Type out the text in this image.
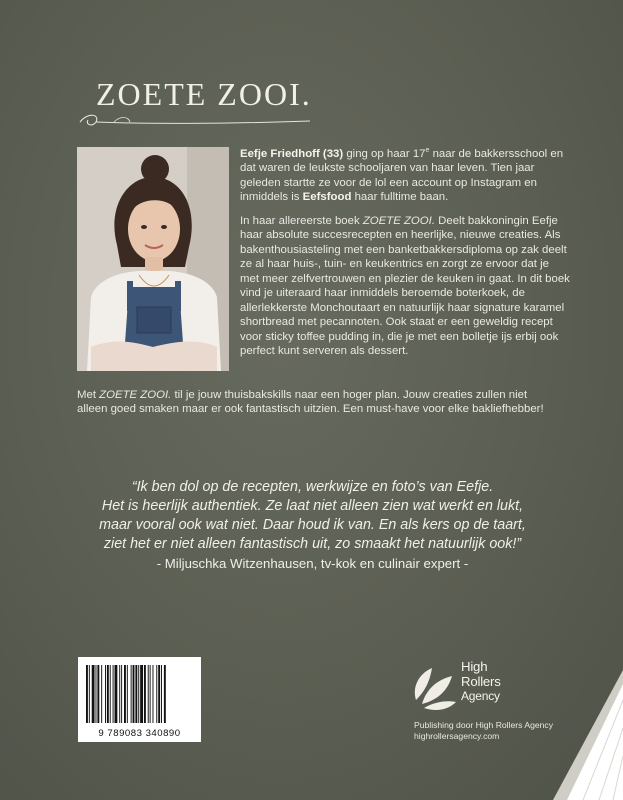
ZOETE ZOOI.

Eefje Friedhoff (33) ging op haar 17e naar de bakkersschool en dat waren de leukste schooljaren van haar leven. Tien jaar geleden startte ze voor de lol een account op Instagram en inmiddels is Eefsfood haar fulltime baan.

In haar allereerste boek ZOETE ZOOI. Deelt bakkoningin Eefje haar absolute succesrecepten en heerlijke, nieuwe creaties. Als bakenthousiasteling met een banketbakkersdiploma op zak deelt ze al haar huis-, tuin- en keukentrics en zorgt ze ervoor dat je met meer zelfvertrouwen en plezier de keuken in gaat. In dit boek vind je uiteraard haar inmiddels beroemde boterkoek, de allerlekkerste Monchoutaart en natuurlijk haar signature karamel shortbread met pecannoten. Ook staat er een geweldig recept voor sticky toffee pudding in, die je met een bolletje ijs erbij ook perfect kunt serveren als dessert.

Met ZOETE ZOOI. til je jouw thuisbakskills naar een hoger plan. Jouw creaties zullen niet alleen goed smaken maar er ook fantastisch uitzien. Een must-have voor elke bakliefhebber!

“Ik ben dol op de recepten, werkwijze en foto’s van Eefje.
Het is heerlijk authentiek. Ze laat niet alleen zien wat werkt en lukt,
maar vooral ook wat niet. Daar houd ik van. En als kers op de taart,
ziet het er niet alleen fantastisch uit, zo smaakt het natuurlijk ook!”

- Miljuschka Witzenhausen, tv-kok en culinair expert -

9 789083 340890

High
Rollers
Agency

Publishing door High Rollers Agency
highrollersagency.com
